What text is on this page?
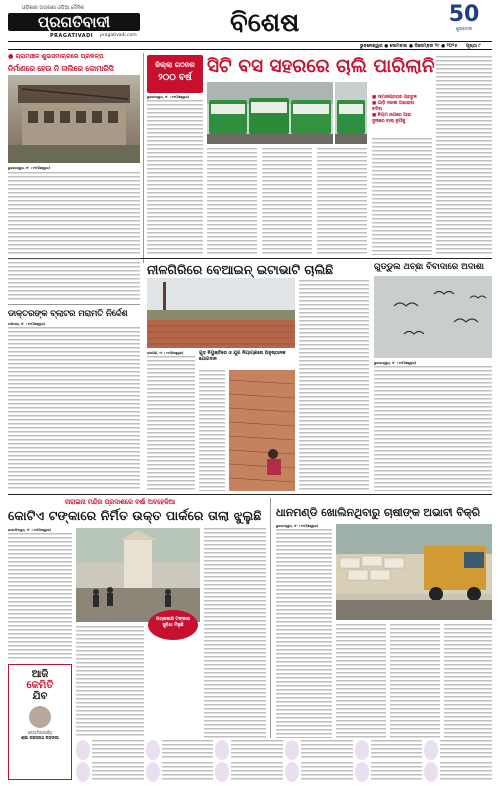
ଓଡ଼ିଶାର ଅଗ୍ରଣୀ ଓଡ଼ିଆ ଦୈନିକ
ପ୍ରଗତିବାଦୀ
PRAGATIVADI pragativadi.com	ବିଶେଷ	50
ଶୁଭକାମନା
ଭୁବନେଶ୍ୱର ● ସୋମବାର ● ଡିସେମ୍ବର ୨୯ ● ୨୦୨୫ ପୃଷ୍ଠା ୮
● ଗ୍ରାମାଞ୍ଚଳ ଶୁଭସମାଚାରରେ ପ୍ରକଳ୍ପ
ନିର୍ମାଣରେ ହେଉ ନି ନାଲିରେ କୋମାରିସି
ଭୁବନେଶ୍ୱର, ୨୮ । ୧୧(ନିଃସ୍ୱାକ)
ଜିଲ୍ଲା ଗଠନର
୨୦୦ ବର୍ଷ
ସିଟି ବସ ସହରରେ ଚାଲି ପାରିଲାନି
ଭୁବନେଶ୍ୱର, ୨୮ । ୧୧(ନିଃସ୍ୱାକ)	■ ସାମାଜପ୍ରଚାର ପ୍ରତୁଳ
■ ଗାଡ଼ି ଦରକା ଅଶାରାବା ବଚିବା
■ ନିୟମ ଉପରେ ଆହା ଦୁନୀରେ ବାଲ୍ ନୁଆଁବୁ
ନୀଳଗିରିରେ ବେଆଇନ୍ ଇଟାଭାଟି ଚାଲିଛି
ନୀଳଗିରି, ୨୮ । ୧୧(ନିଃସ୍ୱାକ)	ଗୁଡ଼ ନିୟୁକ୍ତିରେ ଓ ଯୁଗ ନିୟାୟଣରେ ଅନୁଷ୍ଠାନକ ଯୋଗଦାନ
ଗୁଡ୍ଡୁଲ ଥଚ୍ଛା ବିବାଦାରେ ଅଦାଶା
ଭୁବନେଶ୍ୱର, ୨୮ । ୧୧(ନିଃସ୍ୱାକ)
ଡାକ୍ତରଙ୍କ ବ୍ଲାଟର ମରାମତି ନିର୍ଦ୍ଦେଶ
ବାରିପଦା, ୨୮ । ୧୧(ନିଃସ୍ୱାକ)
ନାରାଇନା ମନ୍ଦିର ପ୍ରଦାଶରେ ବର୍ଷା ଅବହେଳିଆ
କୋଟିଏ ଟଙ୍କାରେ ନିର୍ମିତ ଉକ୍ତ ପାର୍କରେ ତାଲା ଝୁଲୁଛି
ଜଗତସିଂହପୁର, ୨୮ । ୧୧(ନିଃସ୍ୱାକ)
ପଚାଶଲକ୍ଷ ଟଙ୍କାର ସୁବିଧା ମିଳୁଛି
ଆଜି
କେମିତି
ଯିବ
ଜ୍ୟୋତିଷାଚାର୍ଯ୍ୟ
ଶ୍ରୀ ଜଗନ୍ନାଥ ଷଡ଼ଙ୍ଗୀ
ଧାନମଣ୍ଡି ଖୋଲିନଥିବାରୁ ଚାଷୀଙ୍କ ଅଭାବୀ ବିକ୍ରି
ଭୁବନେଶ୍ୱର, ୨୮ । ୧୧(ନିଃସ୍ୱାକ)
